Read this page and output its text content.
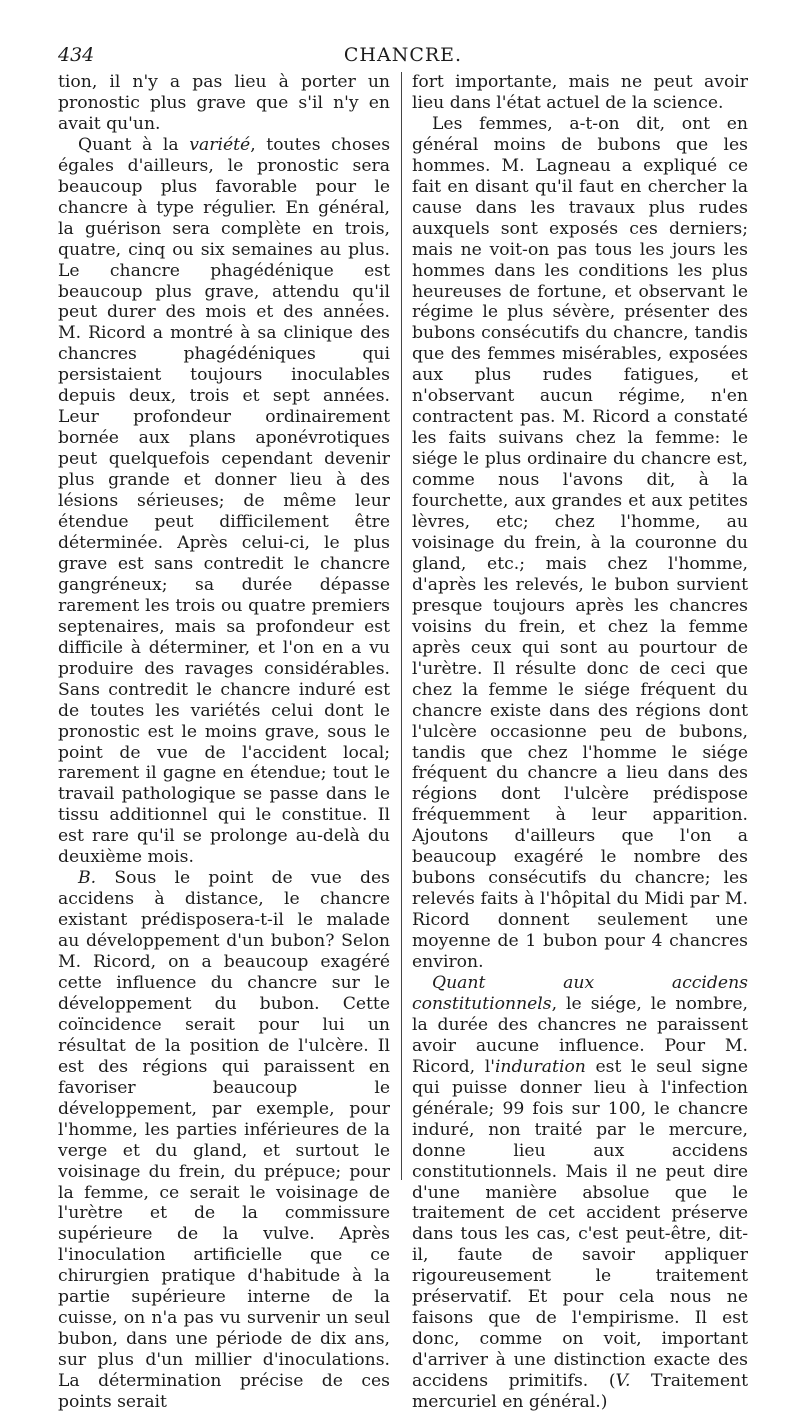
434	CHANCRE.

tion, il n'y a pas lieu à porter un pronostic plus grave que s'il n'y en avait qu'un.

Quant à la variété, toutes choses égales d'ailleurs, le pronostic sera beaucoup plus favorable pour le chancre à type régulier. En général, la guérison sera complète en trois, quatre, cinq ou six semaines au plus. Le chancre phagédénique est beaucoup plus grave, attendu qu'il peut durer des mois et des années. M. Ricord a montré à sa clinique des chancres phagédéniques qui persistaient toujours inoculables depuis deux, trois et sept années. Leur profondeur ordinairement bornée aux plans aponévrotiques peut quelquefois cependant devenir plus grande et donner lieu à des lésions sérieuses; de même leur étendue peut difficilement être déterminée. Après celui-ci, le plus grave est sans contredit le chancre gangréneux; sa durée dépasse rarement les trois ou quatre premiers septenaires, mais sa profondeur est difficile à déterminer, et l'on en a vu produire des ravages considérables. Sans contredit le chancre induré est de toutes les variétés celui dont le pronostic est le moins grave, sous le point de vue de l'accident local; rarement il gagne en étendue; tout le travail pathologique se passe dans le tissu additionnel qui le constitue. Il est rare qu'il se prolonge au-delà du deuxième mois.

B. Sous le point de vue des accidens à distance, le chancre existant prédisposera-t-il le malade au développement d'un bubon? Selon M. Ricord, on a beaucoup exagéré cette influence du chancre sur le développement du bubon. Cette coïncidence serait pour lui un résultat de la position de l'ulcère. Il est des régions qui paraissent en favoriser beaucoup le développement, par exemple, pour l'homme, les parties inférieures de la verge et du gland, et surtout le voisinage du frein, du prépuce; pour la femme, ce serait le voisinage de l'urètre et de la commissure supérieure de la vulve. Après l'inoculation artificielle que ce chirurgien pratique d'habitude à la partie supérieure interne de la cuisse, on n'a pas vu survenir un seul bubon, dans une période de dix ans, sur plus d'un millier d'inoculations. La détermination précise de ces points serait

fort importante, mais ne peut avoir lieu dans l'état actuel de la science.

Les femmes, a-t-on dit, ont en général moins de bubons que les hommes. M. Lagneau a expliqué ce fait en disant qu'il faut en chercher la cause dans les travaux plus rudes auxquels sont exposés ces derniers; mais ne voit-on pas tous les jours les hommes dans les conditions les plus heureuses de fortune, et observant le régime le plus sévère, présenter des bubons consécutifs du chancre, tandis que des femmes misérables, exposées aux plus rudes fatigues, et n'observant aucun régime, n'en contractent pas. M. Ricord a constaté les faits suivans chez la femme: le siége le plus ordinaire du chancre est, comme nous l'avons dit, à la fourchette, aux grandes et aux petites lèvres, etc; chez l'homme, au voisinage du frein, à la couronne du gland, etc.; mais chez l'homme, d'après les relevés, le bubon survient presque toujours après les chancres voisins du frein, et chez la femme après ceux qui sont au pourtour de l'urètre. Il résulte donc de ceci que chez la femme le siége fréquent du chancre existe dans des régions dont l'ulcère occasionne peu de bubons, tandis que chez l'homme le siége fréquent du chancre a lieu dans des régions dont l'ulcère prédispose fréquemment à leur apparition. Ajoutons d'ailleurs que l'on a beaucoup exagéré le nombre des bubons consécutifs du chancre; les relevés faits à l'hôpital du Midi par M. Ricord donnent seulement une moyenne de 1 bubon pour 4 chancres environ.

Quant aux accidens constitutionnels, le siége, le nombre, la durée des chancres ne paraissent avoir aucune influence. Pour M. Ricord, l'induration est le seul signe qui puisse donner lieu à l'infection générale; 99 fois sur 100, le chancre induré, non traité par le mercure, donne lieu aux accidens constitutionnels. Mais il ne peut dire d'une manière absolue que le traitement de cet accident préserve dans tous les cas, c'est peut-être, dit-il, faute de savoir appliquer rigoureusement le traitement préservatif. Et pour cela nous ne faisons que de l'empirisme. Il est donc, comme on voit, important d'arriver à une distinction exacte des accidens primitifs. (V. Traitement mercuriel en général.)
